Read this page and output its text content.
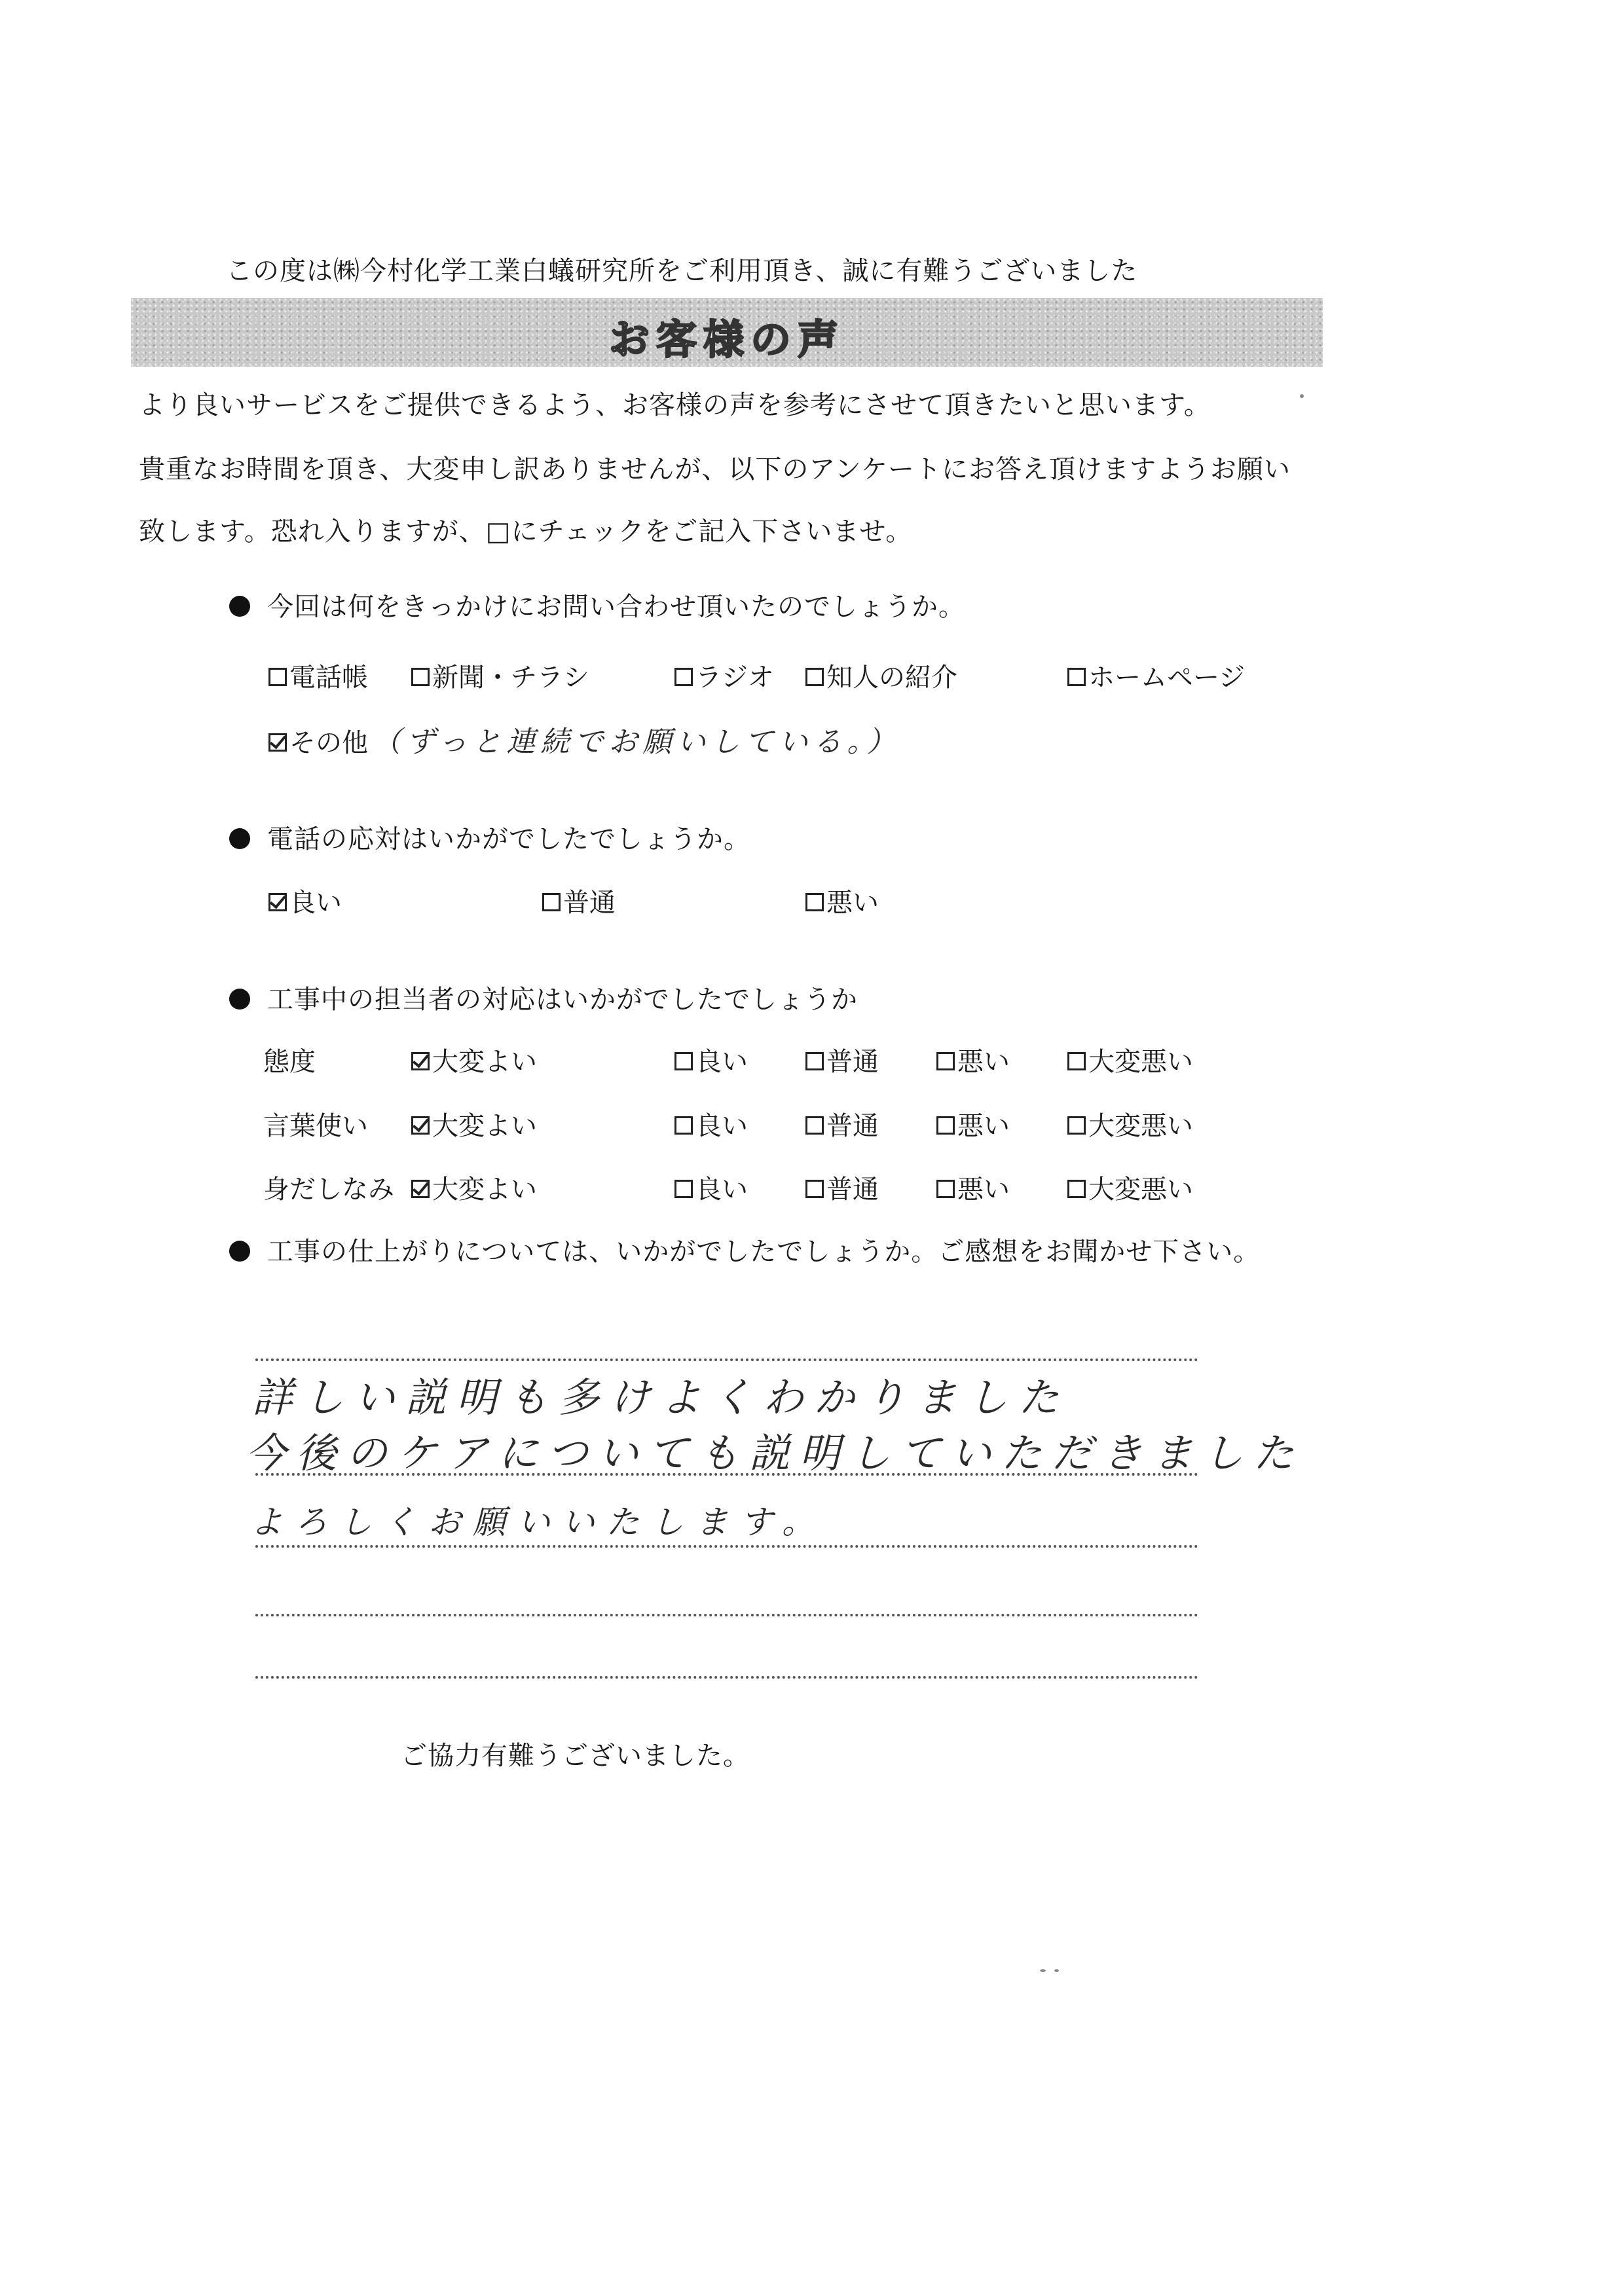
この度は㈱今村化学工業白蟻研究所をご利用頂き、誠に有難うございました
お客様の声
より良いサービスをご提供できるよう、お客様の声を参考にさせて頂きたいと思います。
貴重なお時間を頂き、大変申し訳ありませんが、以下のアンケートにお答え頂けますようお願い
致します。恐れ入りますが、□にチェックをご記入下さいませ。
今回は何をきっかけにお問い合わせ頂いたのでしょうか。
電話帳	新聞・チラシ	ラジオ	知人の紹介	ホームページ
その他 （ずっと連続でお願いしている。）
電話の応対はいかがでしたでしょうか。
良い	普通	悪い
工事中の担当者の対応はいかがでしたでしょうか
態度	大変よい	良い	普通	悪い	大変悪い
言葉使い	大変よい	良い	普通	悪い	大変悪い
身だしなみ	大変よい	良い	普通	悪い	大変悪い
工事の仕上がりについては、いかがでしたでしょうか。ご感想をお聞かせ下さい。
詳しい説明も多けよくわかりました
今後のケアについても説明していただきました
よろしくお願いいたします。
ご協力有難うございました。
